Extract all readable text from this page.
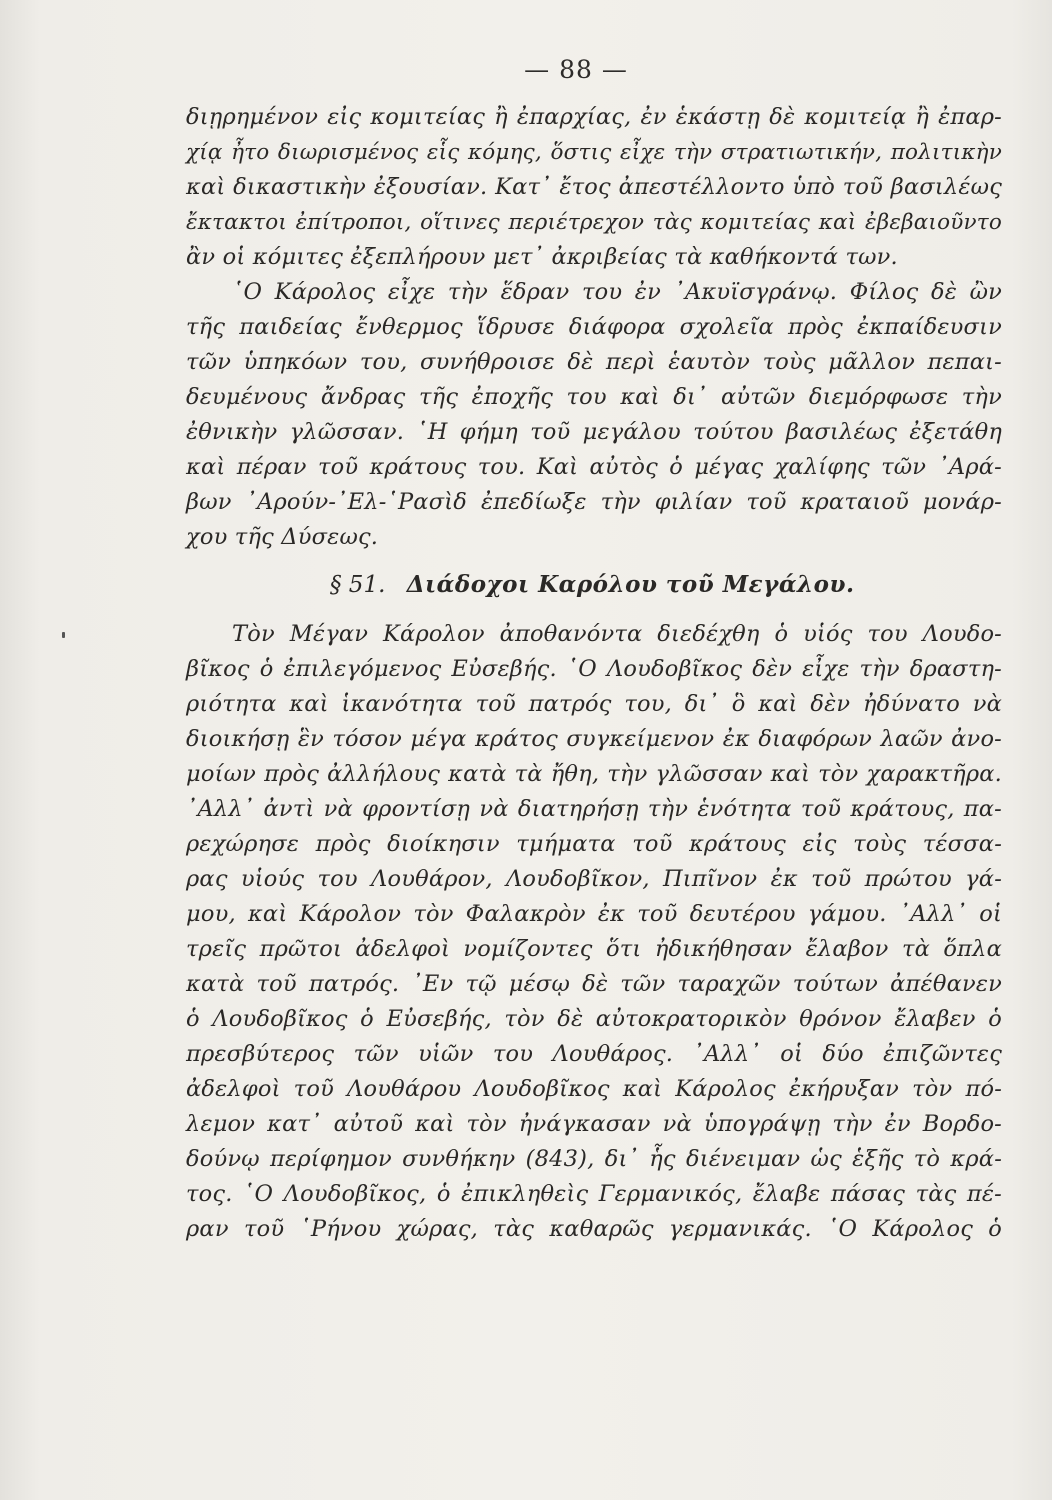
— 88 —
διῃρημένον εἰς κομιτείας ἢ ἐπαρχίας, ἐν ἑκάστῃ δὲ κομιτείᾳ ἢ ἐπαρ-
χίᾳ ἦτο διωρισμένος εἷς κόμης, ὅστις εἶχε τὴν στρατιωτικήν, πολιτικὴν
καὶ δικαστικὴν ἐξουσίαν. Κατ᾽ ἔτος ἀπεστέλλοντο ὑπὸ τοῦ βασιλέως
ἔκτακτοι ἐπίτροποι, οἵτινες περιέτρεχον τὰς κομιτείας καὶ ἐβεβαιοῦντο
ἂν οἱ κόμιτες ἐξεπλήρουν μετ᾽ ἀκριβείας τὰ καθήκοντά των.
῾Ο Κάρολος εἶχε τὴν ἕδραν του ἐν ᾽Ακυϊσγράνῳ. Φίλος δὲ ὢν
τῆς παιδείας ἔνθερμος ἵδρυσε διάφορα σχολεῖα πρὸς ἐκπαίδευσιν
τῶν ὑπηκόων του, συνήθροισε δὲ περὶ ἑαυτὸν τοὺς μᾶλλον πεπαι-
δευμένους ἄνδρας τῆς ἐποχῆς του καὶ δι᾽ αὐτῶν διεμόρφωσε τὴν
ἐθνικὴν γλῶσσαν. ῾Η φήμη τοῦ μεγάλου τούτου βασιλέως ἐξετάθη
καὶ πέραν τοῦ κράτους του. Καὶ αὐτὸς ὁ μέγας χαλίφης τῶν ᾽Αρά-
βων ᾽Αρούν-᾽Ελ-῾Ρασὶδ ἐπεδίωξε τὴν φιλίαν τοῦ κραταιοῦ μονάρ-
χου τῆς Δύσεως.
§ 51. Διάδοχοι Καρόλου τοῦ Μεγάλου.
Τὸν Μέγαν Κάρολον ἀποθανόντα διεδέχθη ὁ υἱός του Λουδο-
βῖκος ὁ ἐπιλεγόμενος Εὐσεβής. ῾Ο Λουδοβῖκος δὲν εἶχε τὴν δραστη-
ριότητα καὶ ἱκανότητα τοῦ πατρός του, δι᾽ ὃ καὶ δὲν ἠδύνατο νὰ
διοικήσῃ ἓν τόσον μέγα κράτος συγκείμενον ἐκ διαφόρων λαῶν ἀνο-
μοίων πρὸς ἀλλήλους κατὰ τὰ ἤθη, τὴν γλῶσσαν καὶ τὸν χαρακτῆρα.
᾽Αλλ᾽ ἀντὶ νὰ φροντίσῃ νὰ διατηρήσῃ τὴν ἑνότητα τοῦ κράτους, πα-
ρεχώρησε πρὸς διοίκησιν τμήματα τοῦ κράτους εἰς τοὺς τέσσα-
ρας υἱούς του Λουθάρον, Λουδοβῖκον, Πιπῖνον ἐκ τοῦ πρώτου γά-
μου, καὶ Κάρολον τὸν Φαλακρὸν ἐκ τοῦ δευτέρου γάμου. ᾽Αλλ᾽ οἱ
τρεῖς πρῶτοι ἀδελφοὶ νομίζοντες ὅτι ἠδικήθησαν ἔλαβον τὰ ὅπλα
κατὰ τοῦ πατρός. ᾽Εν τῷ μέσῳ δὲ τῶν ταραχῶν τούτων ἀπέθανεν
ὁ Λουδοβῖκος ὁ Εὐσεβής, τὸν δὲ αὐτοκρατορικὸν θρόνον ἔλαβεν ὁ
πρεσβύτερος τῶν υἱῶν του Λουθάρος. ᾽Αλλ᾽ οἱ δύο ἐπιζῶντες
ἀδελφοὶ τοῦ Λουθάρου Λουδοβῖκος καὶ Κάρολος ἐκήρυξαν τὸν πό-
λεμον κατ᾽ αὐτοῦ καὶ τὸν ἠνάγκασαν νὰ ὑπογράψῃ τὴν ἐν Βορδο-
δούνῳ περίφημον συνθήκην (843), δι᾽ ἧς διένειμαν ὡς ἑξῆς τὸ κρά-
τος. ῾Ο Λουδοβῖκος, ὁ ἐπικληθεὶς Γερμανικός, ἔλαβε πάσας τὰς πέ-
ραν τοῦ ῾Ρήνου χώρας, τὰς καθαρῶς γερμανικάς. ῾Ο Κάρολος ὁ
